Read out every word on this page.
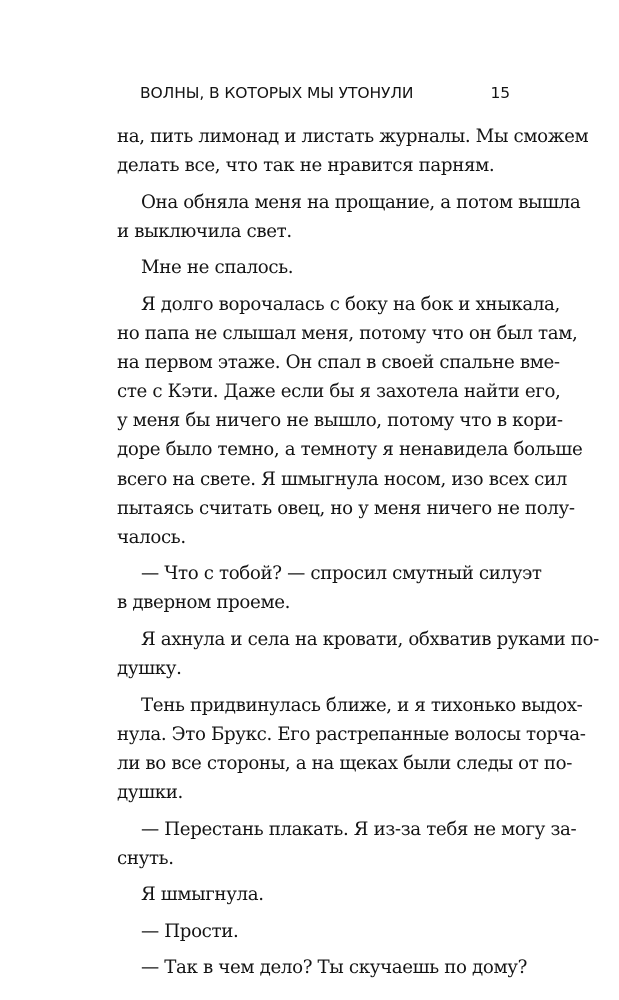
ВОЛНЫ, В КОТОРЫХ МЫ УТОНУЛИ	15

на, пить лимонад и листать журналы. Мы сможем
делать все, что так не нравится парням.

Она обняла меня на прощание, а потом вышла
и выключила свет.

Мне не спалось.

Я долго ворочалась с боку на бок и хныкала,
но папа не слышал меня, потому что он был там,
на первом этаже. Он спал в своей спальне вме-
сте с Кэти. Даже если бы я захотела найти его,
у меня бы ничего не вышло, потому что в кори-
доре было темно, а темноту я ненавидела больше
всего на свете. Я шмыгнула носом, изо всех сил
пытаясь считать овец, но у меня ничего не полу-
чалось.

— Что с тобой? — спросил смутный силуэт
в дверном проеме.

Я ахнула и села на кровати, обхватив руками по-
душку.

Тень придвинулась ближе, и я тихонько выдох-
нула. Это Брукс. Его растрепанные волосы торча-
ли во все стороны, а на щеках были следы от по-
душки.

— Перестань плакать. Я из-за тебя не могу за-
снуть.

Я шмыгнула.

— Прости.

— Так в чем дело? Ты скучаешь по дому?
